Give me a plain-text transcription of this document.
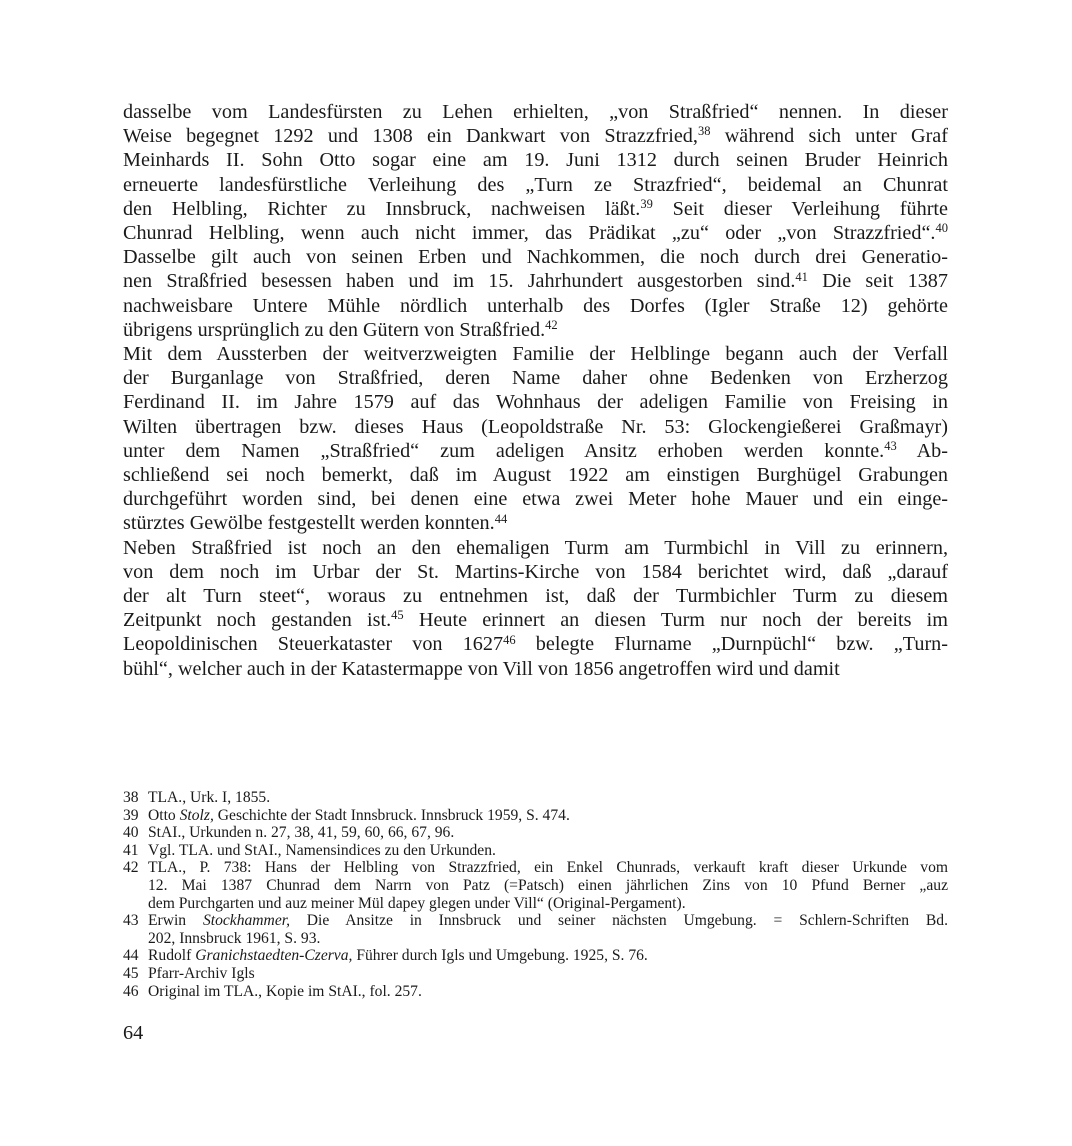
dasselbe vom Landesfürsten zu Lehen erhielten, „von Straßfried“ nennen. In dieser
Weise begegnet 1292 und 1308 ein Dankwart von Strazzfried,$^{38}$ während sich unter Graf
Meinhards II. Sohn Otto sogar eine am 19. Juni 1312 durch seinen Bruder Heinrich
erneuerte landesfürstliche Verleihung des „Turn ze Strazfried“, beidemal an Chunrat
den Helbling, Richter zu Innsbruck, nachweisen läßt.$^{39}$ Seit dieser Verleihung führte
Chunrad Helbling, wenn auch nicht immer, das Prädikat „zu“ oder „von Strazzfried“.$^{40}$
Dasselbe gilt auch von seinen Erben und Nachkommen, die noch durch drei Generatio-
nen Straßfried besessen haben und im 15. Jahrhundert ausgestorben sind.$^{41}$ Die seit 1387
nachweisbare Untere Mühle nördlich unterhalb des Dorfes (Igler Straße 12) gehörte
übrigens ursprünglich zu den Gütern von Straßfried.$^{42}$
Mit dem Aussterben der weitverzweigten Familie der Helblinge begann auch der Verfall
der Burganlage von Straßfried, deren Name daher ohne Bedenken von Erzherzog
Ferdinand II. im Jahre 1579 auf das Wohnhaus der adeligen Familie von Freising in
Wilten übertragen bzw. dieses Haus (Leopoldstraße Nr. 53: Glockengießerei Graßmayr)
unter dem Namen „Straßfried“ zum adeligen Ansitz erhoben werden konnte.$^{43}$ Ab-
schließend sei noch bemerkt, daß im August 1922 am einstigen Burghügel Grabungen
durchgeführt worden sind, bei denen eine etwa zwei Meter hohe Mauer und ein einge-
stürztes Gewölbe festgestellt werden konnten.$^{44}$
Neben Straßfried ist noch an den ehemaligen Turm am Turmbichl in Vill zu erinnern,
von dem noch im Urbar der St. Martins-Kirche von 1584 berichtet wird, daß „darauf
der alt Turn steet“, woraus zu entnehmen ist, daß der Turmbichler Turm zu diesem
Zeitpunkt noch gestanden ist.$^{45}$ Heute erinnert an diesen Turm nur noch der bereits im
Leopoldinischen Steuerkataster von 1627$^{46}$ belegte Flurname „Durnpüchl“ bzw. „Turn-
bühl“, welcher auch in der Katastermappe von Vill von 1856 angetroffen wird und damit
38 TLA., Urk. I, 1855.
39 Otto Stolz, Geschichte der Stadt Innsbruck. Innsbruck 1959, S. 474.
40 StAI., Urkunden n. 27, 38, 41, 59, 60, 66, 67, 96.
41 Vgl. TLA. und StAI., Namensindices zu den Urkunden.
42 TLA., P. 738: Hans der Helbling von Strazzfried, ein Enkel Chunrads, verkauft kraft dieser Urkunde vom
12. Mai 1387 Chunrad dem Narrn von Patz (=Patsch) einen jährlichen Zins von 10 Pfund Berner „auz
dem Purchgarten und auz meiner Mül dapey glegen under Vill“ (Original-Pergament).
43 Erwin Stockhammer, Die Ansitze in Innsbruck und seiner nächsten Umgebung. = Schlern-Schriften Bd.
202, Innsbruck 1961, S. 93.
44 Rudolf Granichstaedten-Czerva, Führer durch Igls und Umgebung. 1925, S. 76.
45 Pfarr-Archiv Igls
46 Original im TLA., Kopie im StAI., fol. 257.
64
